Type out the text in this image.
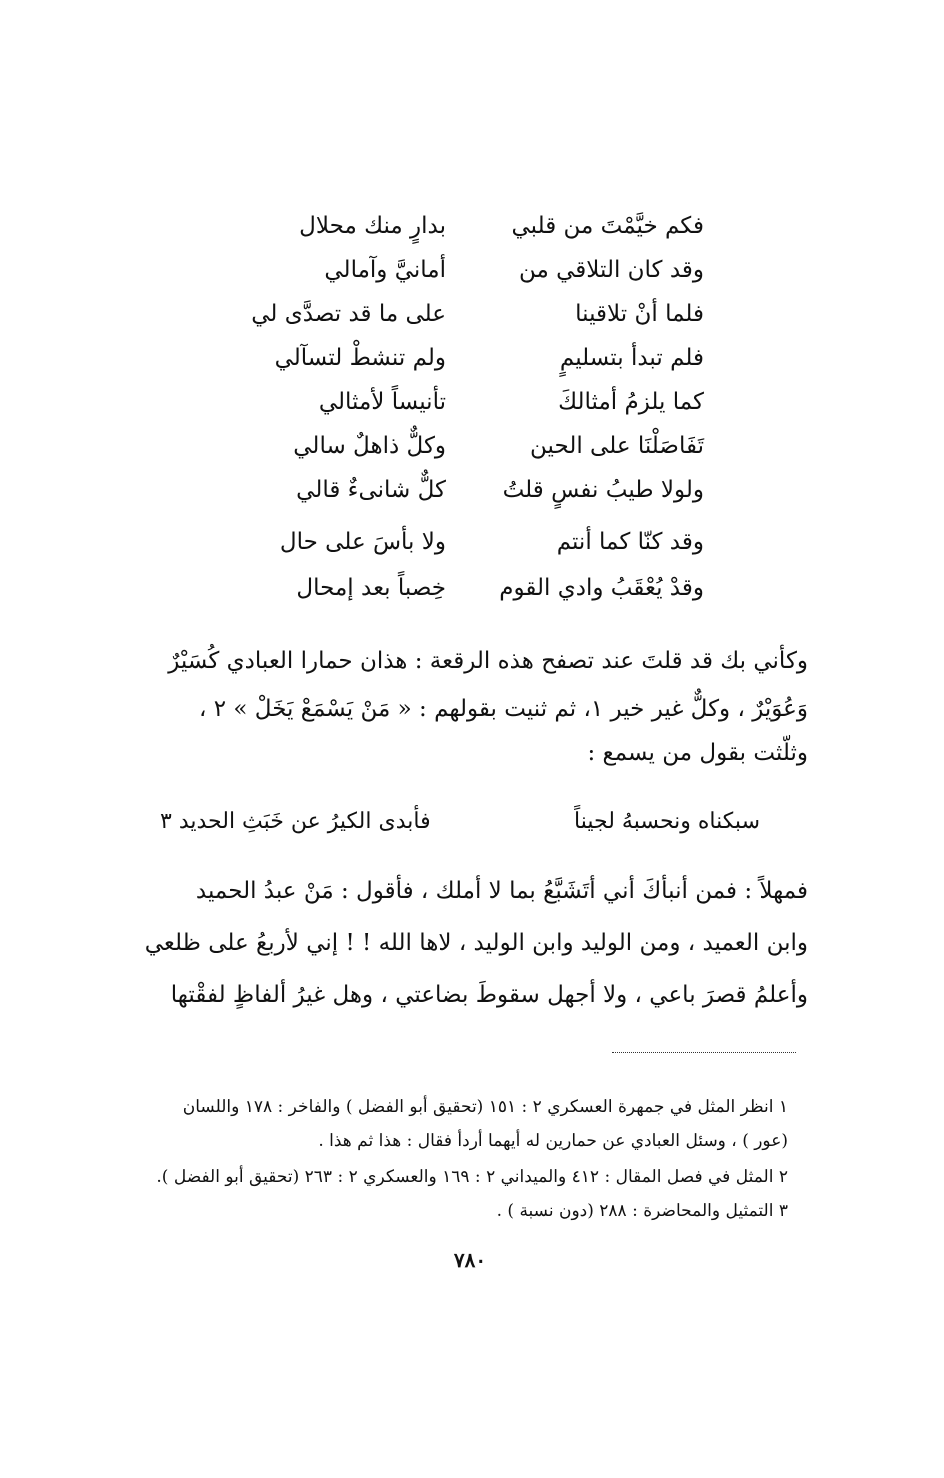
فكم خيَّمْتَ من قلبي
بدارٍ منك محلال
وقد كان التلاقي من
أمانيَّ وآمالي
فلما أنْ تلاقينا
على ما قد تصدَّى لي
فلم تبدأ بتسليمٍ
ولم تنشطْ لتسآلي
كما يلزمُ أمثالكَ
تأنيساً لأمثالي
تَفَاصَلْنَا على الحين
وكلٌّ ذاهلٌ سالي
ولولا طيبُ نفسٍ قلتُ
كلٌّ شانىءٌ قالي
وقد كنّا كما أنتم
ولا بأسَ على حال
وقدْ يُعْقَبُ وادي القوم
خِصباً بعد إمحال
وكأني بك قد قلتَ عند تصفح هذه الرقعة : هذان حمارا العبادي كُسَيْرٌ
وَعُوَيْرٌ ، وكلٌّ غير خير ١، ثم ثنيت بقولهم : « مَنْ يَسْمَعْ يَخَلْ » ٢ ،
وثلّثت بقول من يسمع :
سبكناه ونحسبهُ لجيناً
فأبدى الكيرُ عن خَبَثِ الحديد ٣
فمهلاً : فمن أنبأكَ أني أتَشَبَّعُ بما لا أملك ، فأقول : مَنْ عبدُ الحميد
وابن العميد ، ومن الوليد وابن الوليد ، لاها الله ! ! إني لأربعُ على ظلعي
وأعلمُ قصرَ باعي ، ولا أجهل سقوطَ بضاعتي ، وهل غيرُ ألفاظٍ لفقْتها
١ انظر المثل في جمهرة العسكري ٢ : ١٥١ (تحقيق أبو الفضل ) والفاخر : ١٧٨ واللسان
(عور ) ، وسئل العبادي عن حمارين له أيهما أردأ فقال : هذا ثم هذا .
٢ المثل في فصل المقال : ٤١٢ والميداني ٢ : ١٦٩ والعسكري ٢ : ٢٦٣ (تحقيق أبو الفضل ).
٣ التمثيل والمحاضرة : ٢٨٨ (دون نسبة ) .
٧٨٠
